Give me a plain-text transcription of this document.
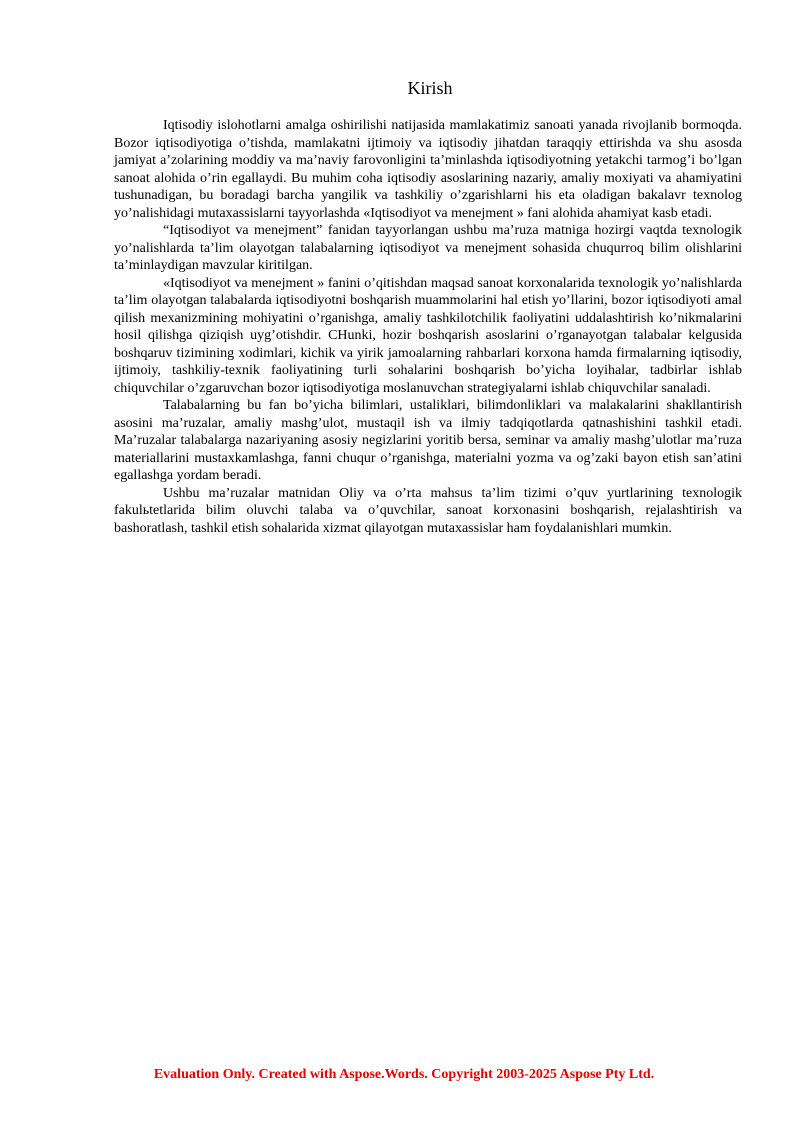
Kirish

Iqtisodiy islohotlarni amalga oshirilishi natijasida mamlakatimiz sanoati yanada rivojlanib bormoqda. Bozor iqtisodiyotiga o’tishda, mamlakatni ijtimoiy va iqtisodiy jihatdan taraqqiy ettirishda va shu asosda jamiyat a’zolarining moddiy va ma’naviy farovonligini ta’minlashda iqtisodiyotning yetakchi tarmog’i bo’lgan sanoat alohida o’rin egallaydi. Bu muhim coha iqtisodiy asoslarining nazariy, amaliy moxiyati va ahamiyatini tushunadigan, bu boradagi barcha yangilik va tashkiliy o’zgarishlarni his eta oladigan bakalavr texnolog yo’nalishidagi mutaxassislarni tayyorlashda «Iqtisodiyot va menejment » fani alohida ahamiyat kasb etadi.

“Iqtisodiyot va menejment” fanidan tayyorlangan ushbu ma’ruza matniga hozirgi vaqtda texnologik yo’nalishlarda ta’lim olayotgan talabalarning iqtisodiyot va menejment sohasida chuqurroq bilim olishlarini ta’minlaydigan mavzular kiritilgan.

«Iqtisodiyot va menejment » fanini o’qitishdan maqsad sanoat korxonalarida texnologik yo’nalishlarda ta’lim olayotgan talabalarda iqtisodiyotni boshqarish muammolarini hal etish yo’llarini, bozor iqtisodiyoti amal qilish mexanizmining mohiyatini o’rganishga, amaliy tashkilotchilik faoliyatini uddalashtirish ko’nikmalarini hosil qilishga qiziqish uyg’otishdir. CHunki, hozir boshqarish asoslarini o’rganayotgan talabalar kelgusida boshqaruv tizimining xodimlari, kichik va yirik jamoalarning rahbarlari korxona hamda firmalarning iqtisodiy, ijtimoiy, tashkiliy-texnik faoliyatining turli sohalarini boshqarish bo’yicha loyihalar, tadbirlar ishlab chiquvchilar o’zgaruvchan bozor iqtisodiyotiga moslanuvchan strategiyalarni ishlab chiquvchilar sanaladi.

Talabalarning bu fan bo’yicha bilimlari, ustaliklari, bilimdonliklari va malakalarini shakllantirish asosini ma’ruzalar, amaliy mashg’ulot, mustaqil ish va ilmiy tadqiqotlarda qatnashishini tashkil etadi. Ma’ruzalar talabalarga nazariyaning asosiy negizlarini yoritib bersa, seminar va amaliy mashg’ulotlar ma’ruza materiallarini mustaxkamlashga, fanni chuqur o’rganishga, materialni yozma va og’zaki bayon etish san’atini egallashga yordam beradi.

Ushbu ma’ruzalar matnidan Oliy va o’rta mahsus ta’lim tizimi o’quv yurtlarining texnologik fakulьtetlarida bilim oluvchi talaba va o’quvchilar, sanoat korxonasini boshqarish, rejalashtirish va bashoratlash, tashkil etish sohalarida xizmat qilayotgan mutaxassislar ham foydalanishlari mumkin.

Evaluation Only. Created with Aspose.Words. Copyright 2003-2025 Aspose Pty Ltd.
